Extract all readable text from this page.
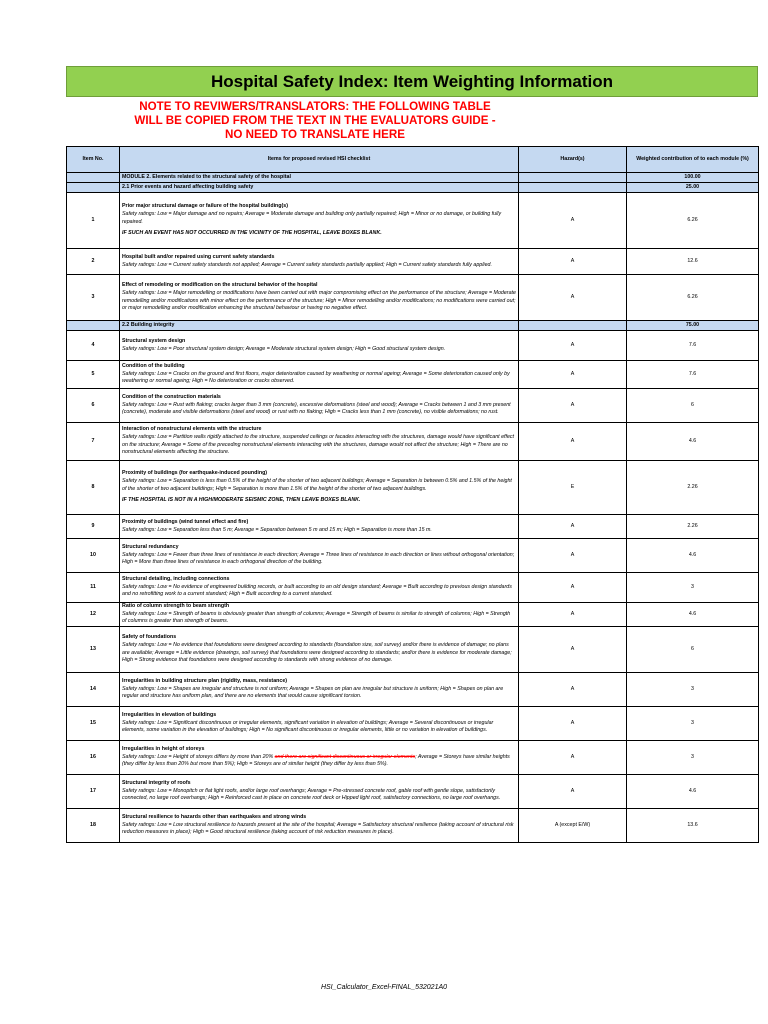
Hospital Safety Index: Item Weighting Information
NOTE TO REVIWERS/TRANSLATORS: THE FOLLOWING TABLE
WILL BE COPIED FROM THE TEXT IN THE EVALUATORS GUIDE -
NO NEED TO TRANSLATE HERE
Item No.	Items for proposed revised HSI checklist	Hazard(s)	Weighted contribution of to each module (%)
	MODULE 2. Elements related to the structural safety of the hospital		100.00
	2.1 Prior events and hazard affecting building safety		25.00
1	Prior major structural damage or failure of the hospital building(s)
Safety ratings: Low = Major damage and no repairs; Average = Moderate damage and building only partially repaired; High = Minor or no damage, or building fully repaired.
IF SUCH AN EVENT HAS NOT OCCURRED IN THE VICINITY OF THE HOSPITAL, LEAVE BOXES BLANK.	A	6.26
2	Hospital built and/or repaired using current safety standards
Safety ratings: Low = Current safety standards not applied; Average = Current safety standards partially applied; High = Current safety standards fully applied.	A	12.6
3	Effect of remodeling or modification on the structural behavior of the hospital
Safety ratings: Low = Major remodelling or modifications have been carried out with major compromising effect on the performance of the structure; Average = Moderate remodelling and/or modifications with minor effect on the performance of the structure; High = Minor remodelling and/or modifications; no modifications were carried out; or major remodelling and/or modification enhancing the structural behaviour or having no negative effect.	A	6.26
	2.2 Building integrity		75.00
4	Structural system design
Safety ratings: Low = Poor structural system design; Average = Moderate structural system design; High = Good structural system design.	A	7.6
5	Condition of the building
Safety ratings: Low = Cracks on the ground and first floors, major deterioration caused by weathering or normal ageing; Average = Some deterioration caused only by weathering or normal ageing; High = No deterioration or cracks observed.	A	7.6
6	Condition of the construction materials
Safety ratings: Low = Rust with flaking; cracks larger than 3 mm (concrete), excessive deformations (steel and wood); Average = Cracks between 1 and 3 mm present (concrete), moderate and visible deformations (steel and wood) or rust with no flaking; High = Cracks less than 1 mm (concrete), no visible deformations; no rust.	A	6
7	Interaction of nonstructural elements with the structure
Safety ratings: Low = Partition walls rigidly attached to the structure, suspended ceilings or facades interacting with the structures, damage would have significant effect on the structure; Average = Some of the preceding nonstructural elements interacting with the structures, damage would not affect the structure; High = There are no nonstructural elements affecting the structure.	A	4.6
8	Proximity of buildings (for earthquake-induced pounding)
Safety ratings: Low = Separation is less than 0.5% of the height of the shorter of two adjacent buildings; Average = Separation is between 0.5% and 1.5% of the height of the shorter of two adjacent buildings; High = Separation is more than 1.5% of the height of the shorter of two adjacent buildings.
IF THE HOSPITAL IS NOT IN A HIGH/MODERATE SEISMIC ZONE, THEN LEAVE BOXES BLANK.	E	2.26
9	Proximity of buildings (wind tunnel effect and fire)
Safety ratings: Low = Separation less than 5 m; Average = Separation between 5 m and 15 m; High = Separation is more than 15 m.	A	2.26
10	Structural redundancy
Safety ratings: Low = Fewer than three lines of resistance in each direction; Average = Three lines of resistance in each direction or lines without orthogonal orientation; High = More than three lines of resistance in each orthogonal direction of the building.	A	4.6
11	Structural detailing, including connections
Safety ratings: Low = No evidence of engineered building records, or built according to an old design standard; Average = Built according to previous design standards and no retrofitting work to a current standard; High = Built according to a current standard.	A	3
12	Ratio of column strength to beam strength
Safety ratings: Low = Strength of beams is obviously greater than strength of columns; Average = Strength of beams is similar to strength of columns; High = Strength of columns is greater than strength of beams.	A	4.6
13	Safety of foundations
Safety ratings: Low = No evidence that foundations were designed according to standards (foundation size, soil survey) and/or there is evidence of damage; no plans are available; Average = Little evidence (drawings, soil survey) that foundations were designed according to standards; and/or there is evidence for moderate damage; High = Strong evidence that foundations were designed according to standards with strong evidence of no damage.	A	6
14	Irregularities in building structure plan (rigidity, mass, resistance)
Safety ratings: Low = Shapes are irregular and structure is not uniform; Average = Shapes on plan are irregular but structure is uniform; High = Shapes on plan are regular and structure has uniform plan, and there are no elements that would cause significant torsion.	A	3
15	Irregularities in elevation of buildings
Safety ratings: Low = Significant discontinuous or irregular elements, significant variation in elevation of buildings; Average = Several discontinuous or irregular elements, some variation in the elevation of buildings; High = No significant discontinuous or irregular elements, little or no variation in elevation of buildings.	A	3
16	Irregularities in height of storeys
Safety ratings: Low = Height of storeys differs by more than 20% and there are significant discontinuous or irregular elements; Average = Storeys have similar heights (they differ by less than 20% but more than 5%); High = Storeys are of similar height (they differ by less than 5%).	A	3
17	Structural integrity of roofs
Safety ratings: Low = Monopitch or flat light roofs, and/or large roof overhangs; Average = Pre-stressed concrete roof, gable roof with gentle slope, satisfactorily connected, no large roof overhangs; High = Reinforced cast in place on concrete roof deck or Hipped light roof, satisfactory connections, no large roof overhangs.	A	4.6
18	Structural resilience to hazards other than earthquakes and strong winds
Safety ratings: Low = Low structural resilience to hazards present at the site of the hospital; Average = Satisfactory structural resilience (taking account of structural risk reduction measures in place); High = Good structural resilience (taking account of risk reduction measures in place).	A (except E/W)	13.6
HSI_Calculator_Excel-FINAL_532021A0
